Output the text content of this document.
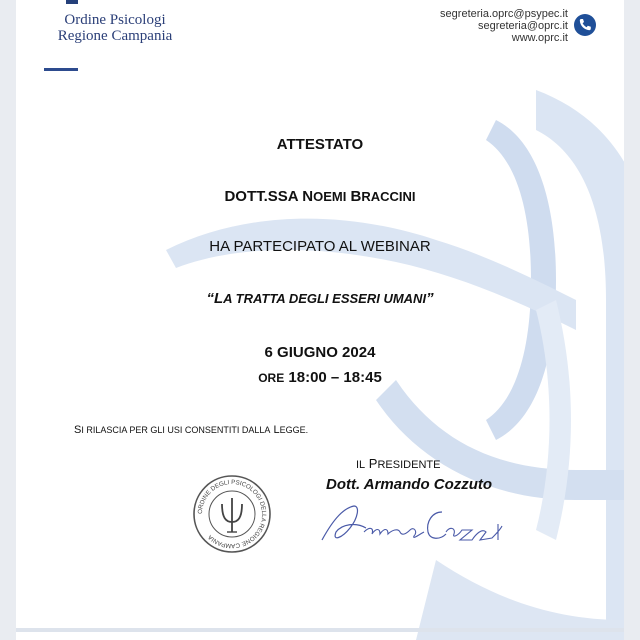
Ordine Psicologi
Regione Campania
segreteria.oprc@psypec.it
segreteria@oprc.it
www.oprc.it
ATTESTATO
DOTT.SSA NOEMI BRACCINI
HA PARTECIPATO AL WEBINAR
“LA TRATTA DEGLI ESSERI UMANI”
6 GIUGNO 2024
ORE 18:00 – 18:45
SI RILASCIA PER GLI USI CONSENTITI DALLA LEGGE.
IL PRESIDENTE
Dott. Armando Cozzuto
ORDINE DEGLI PSICOLOGI DELLA REGIONE CAMPANIA
